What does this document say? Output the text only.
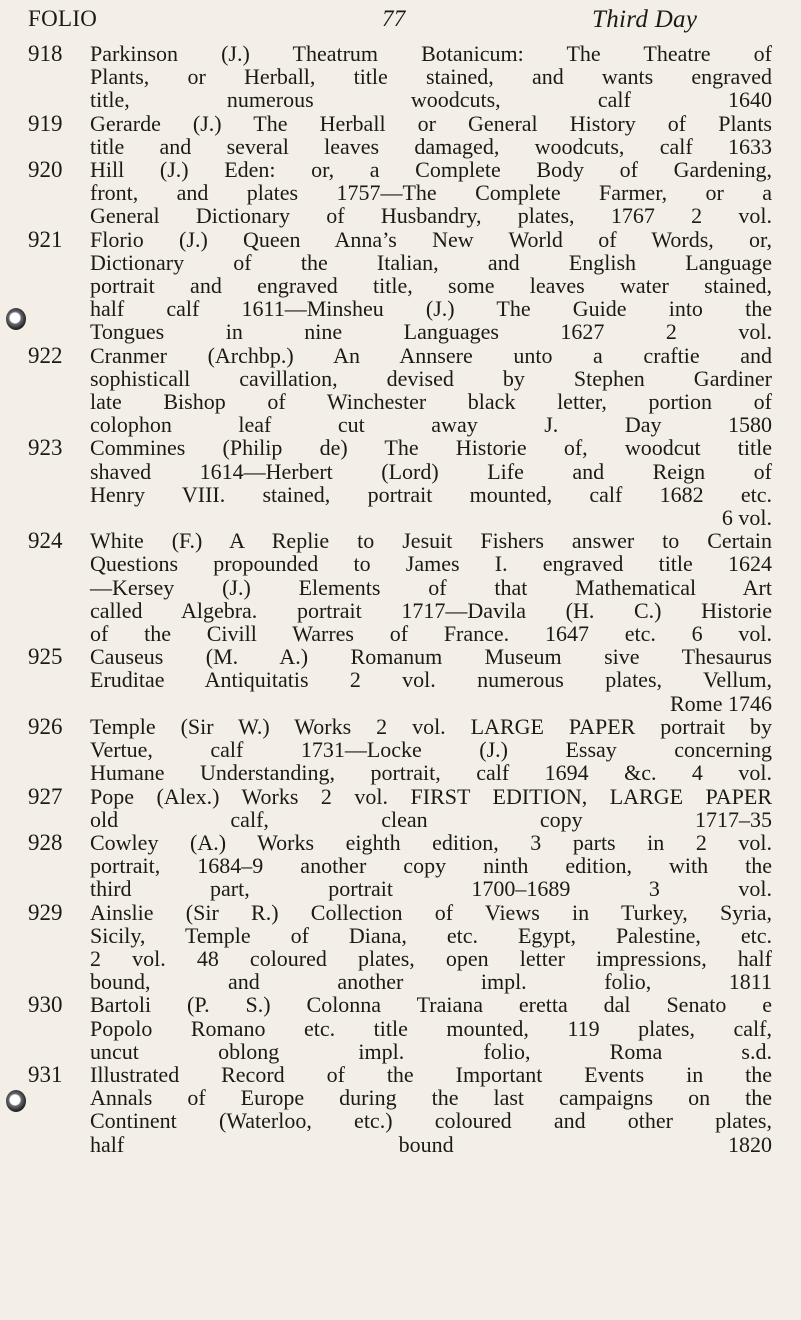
FOLIO	77	Third Day
918	Parkinson (J.) Theatrum Botanicum: The Theatre of
Plants, or Herball, title stained, and wants engraved
title, numerous woodcuts, calf 1640
919	Gerarde (J.) The Herball or General History of Plants
title and several leaves damaged, woodcuts, calf 1633
920	Hill (J.) Eden: or, a Complete Body of Gardening,
front, and plates 1757—The Complete Farmer, or a
General Dictionary of Husbandry, plates, 1767 2 vol.
921	Florio (J.) Queen Anna’s New World of Words, or,
Dictionary of the Italian, and English Language
portrait and engraved title, some leaves water stained,
half calf 1611—Minsheu (J.) The Guide into the
Tongues in nine Languages 1627 2 vol.
922	Cranmer (Archbp.) An Annsere unto a craftie and
sophisticall cavillation, devised by Stephen Gardiner
late Bishop of Winchester black letter, portion of
colophon leaf cut away J. Day 1580
923	Commines (Philip de) The Historie of, woodcut title
shaved 1614—Herbert (Lord) Life and Reign of
Henry VIII. stained, portrait mounted, calf 1682 etc.
6 vol.
924	White (F.) A Replie to Jesuit Fishers answer to Certain
Questions propounded to James I. engraved title 1624
—Kersey (J.) Elements of that Mathematical Art
called Algebra. portrait 1717—Davila (H. C.) Historie
of the Civill Warres of France. 1647 etc. 6 vol.
925	Causeus (M. A.) Romanum Museum sive Thesaurus
Eruditae Antiquitatis 2 vol. numerous plates, Vellum,
Rome 1746
926	Temple (Sir W.) Works 2 vol. LARGE PAPER portrait by
Vertue, calf 1731—Locke (J.) Essay concerning
Humane Understanding, portrait, calf 1694 &c. 4 vol.
927	Pope (Alex.) Works 2 vol. FIRST EDITION, LARGE PAPER
old calf, clean copy 1717–35
928	Cowley (A.) Works eighth edition, 3 parts in 2 vol.
portrait, 1684–9 another copy ninth edition, with the
third part, portrait 1700–1689 3 vol.
929	Ainslie (Sir R.) Collection of Views in Turkey, Syria,
Sicily, Temple of Diana, etc. Egypt, Palestine, etc.
2 vol. 48 coloured plates, open letter impressions, half
bound, and another impl. folio, 1811
930	Bartoli (P. S.) Colonna Traiana eretta dal Senato e
Popolo Romano etc. title mounted, 119 plates, calf,
uncut oblong impl. folio, Roma s.d.
931	Illustrated Record of the Important Events in the
Annals of Europe during the last campaigns on the
Continent (Waterloo, etc.) coloured and other plates,
half bound 1820
